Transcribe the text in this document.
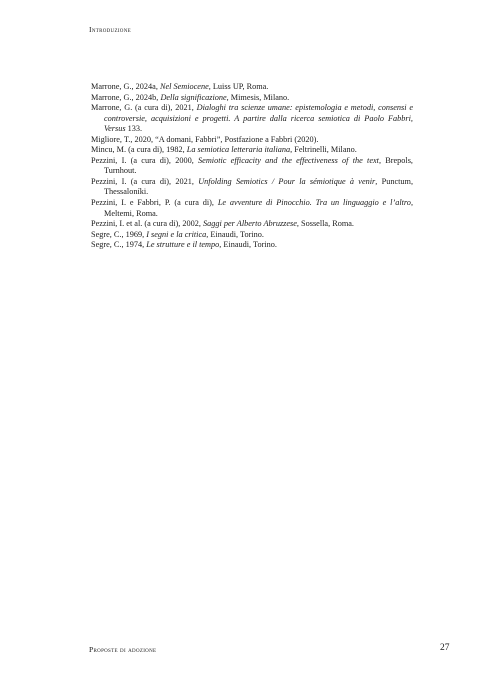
Introduzione
Marrone, G., 2024a, Nel Semiocene, Luiss UP, Roma.
Marrone, G., 2024b, Della significazione, Mimesis, Milano.
Marrone, G. (a cura di), 2021, Dialoghi tra scienze umane: epistemologia e metodi, consensi e controversie, acquisizioni e progetti. A partire dalla ricerca semiotica di Paolo Fabbri, Versus 133.
Migliore, T., 2020, “A domani, Fabbri”, Postfazione a Fabbri (2020).
Mincu, M. (a cura di), 1982, La semiotica letteraria italiana, Feltrinelli, Milano.
Pezzini, I. (a cura di), 2000, Semiotic efficacity and the effectiveness of the text, Brepols, Turnhout.
Pezzini, I. (a cura di), 2021, Unfolding Semiotics / Pour la sémiotique à venir, Punctum, Thessaloníki.
Pezzini, I. e Fabbri, P. (a cura di), Le avventure di Pinocchio. Tra un linguaggio e l’altro, Meltemi, Roma.
Pezzini, I. et al. (a cura di), 2002, Saggi per Alberto Abruzzese, Sossella, Roma.
Segre, C., 1969, I segni e la critica, Einaudi, Torino.
Segre, C., 1974, Le strutture e il tempo, Einaudi, Torino.
Proposte di adozione	27
